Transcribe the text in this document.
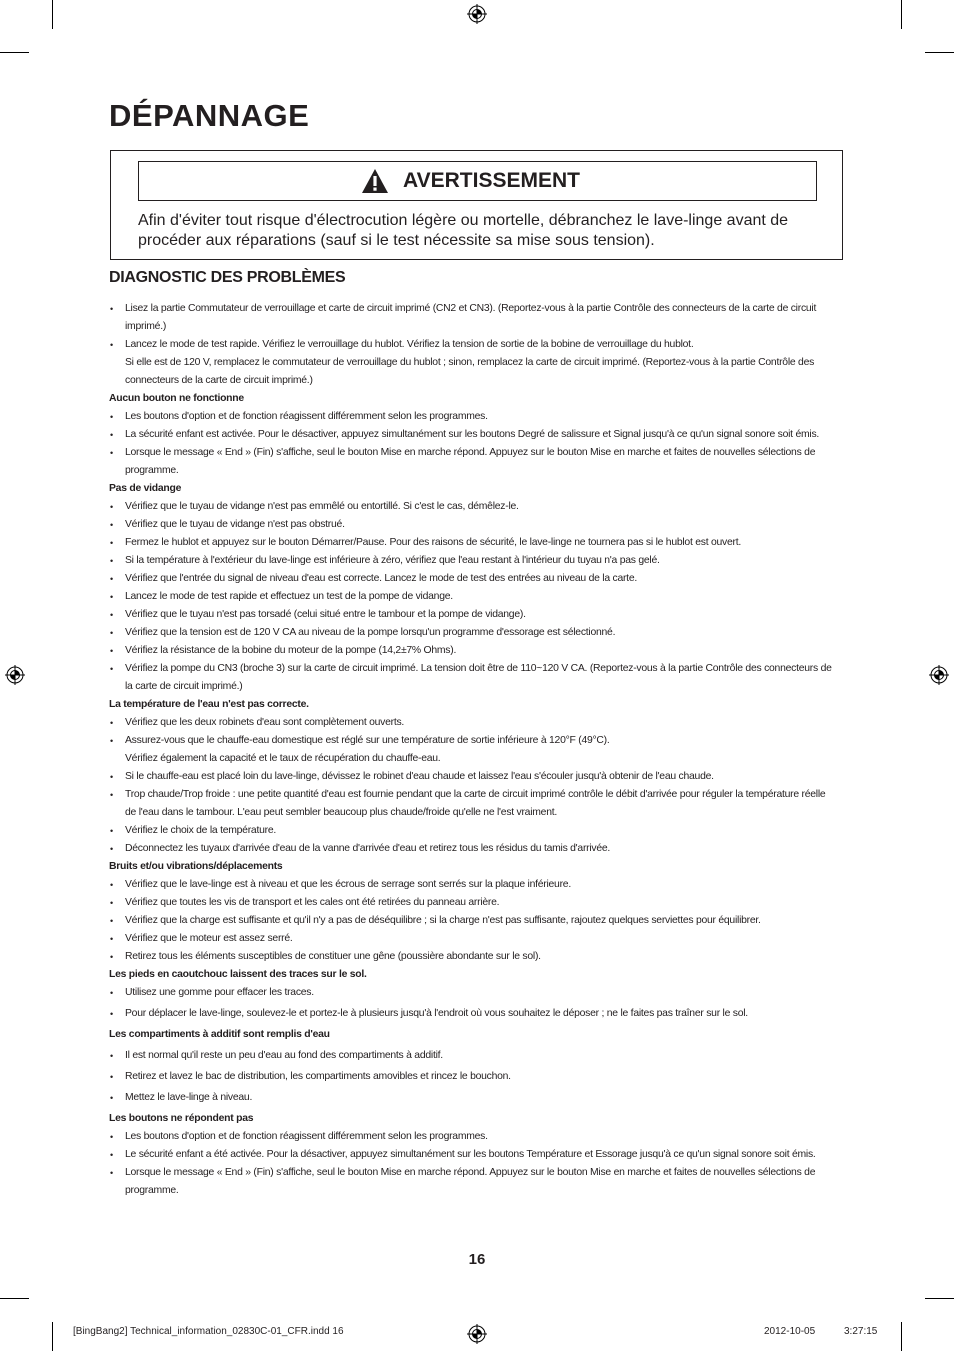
DÉPANNAGE
AVERTISSEMENT
Afin d'éviter tout risque d'électrocution légère ou mortelle, débranchez le lave-linge avant de procéder aux réparations (sauf si le test nécessite sa mise sous tension).
DIAGNOSTIC DES PROBLÈMES
• Lisez la partie Commutateur de verrouillage et carte de circuit imprimé (CN2 et CN3). (Reportez-vous à la partie Contrôle des connecteurs de la carte de circuit imprimé.)
• Lancez le mode de test rapide. Vérifiez le verrouillage du hublot. Vérifiez la tension de sortie de la bobine de verrouillage du hublot.
Si elle est de 120 V, remplacez le commutateur de verrouillage du hublot ; sinon, remplacez la carte de circuit imprimé. (Reportez-vous à la partie Contrôle des connecteurs de la carte de circuit imprimé.)

Aucun bouton ne fonctionne

• Les boutons d'option et de fonction réagissent différemment selon les programmes.
• La sécurité enfant est activée. Pour le désactiver, appuyez simultanément sur les boutons Degré de salissure et Signal jusqu'à ce qu'un signal sonore soit émis.
• Lorsque le message « End » (Fin) s'affiche, seul le bouton Mise en marche répond. Appuyez sur le bouton Mise en marche et faites de nouvelles sélections de programme.

Pas de vidange

• Vérifiez que le tuyau de vidange n'est pas emmêlé ou entortillé. Si c'est le cas, démêlez-le.
• Vérifiez que le tuyau de vidange n'est pas obstrué.
• Fermez le hublot et appuyez sur le bouton Démarrer/Pause. Pour des raisons de sécurité, le lave-linge ne tournera pas si le hublot est ouvert.
• Si la température à l'extérieur du lave-linge est inférieure à zéro, vérifiez que l'eau restant à l'intérieur du tuyau n'a pas gelé.
• Vérifiez que l'entrée du signal de niveau d'eau est correcte. Lancez le mode de test des entrées au niveau de la carte.
• Lancez le mode de test rapide et effectuez un test de la pompe de vidange.
• Vérifiez que le tuyau n'est pas torsadé (celui situé entre le tambour et la pompe de vidange).
• Vérifiez que la tension est de 120 V CA au niveau de la pompe lorsqu'un programme d'essorage est sélectionné.
• Vérifiez la résistance de la bobine du moteur de la pompe (14,2±7% Ohms).
• Vérifiez la pompe du CN3 (broche 3) sur la carte de circuit imprimé. La tension doit être de 110~120 V CA. (Reportez-vous à la partie Contrôle des connecteurs de la carte de circuit imprimé.)

La température de l'eau n'est pas correcte.

• Vérifiez que les deux robinets d'eau sont complètement ouverts.
• Assurez-vous que le chauffe-eau domestique est réglé sur une température de sortie inférieure à 120°F (49°C).
Vérifiez également la capacité et le taux de récupération du chauffe-eau.
• Si le chauffe-eau est placé loin du lave-linge, dévissez le robinet d'eau chaude et laissez l'eau s'écouler jusqu'à obtenir de l'eau chaude.
• Trop chaude/Trop froide : une petite quantité d'eau est fournie pendant que la carte de circuit imprimé contrôle le débit d'arrivée pour réguler la température réelle de l'eau dans le tambour. L'eau peut sembler beaucoup plus chaude/froide qu'elle ne l'est vraiment.
• Vérifiez le choix de la température.
• Déconnectez les tuyaux d'arrivée d'eau de la vanne d'arrivée d'eau et retirez tous les résidus du tamis d'arrivée.

Bruits et/ou vibrations/déplacements

• Vérifiez que le lave-linge est à niveau et que les écrous de serrage sont serrés sur la plaque inférieure.
• Vérifiez que toutes les vis de transport et les cales ont été retirées du panneau arrière.
• Vérifiez que la charge est suffisante et qu'il n'y a pas de déséquilibre ; si la charge n'est pas suffisante, rajoutez quelques serviettes pour équilibrer.
• Vérifiez que le moteur est assez serré.
• Retirez tous les éléments susceptibles de constituer une gêne (poussière abondante sur le sol).

Les pieds en caoutchouc laissent des traces sur le sol.

• Utilisez une gomme pour effacer les traces.
• Pour déplacer le lave-linge, soulevez-le et portez-le à plusieurs jusqu'à l'endroit où vous souhaitez le déposer ; ne le faites pas traîner sur le sol.

Les compartiments à additif sont remplis d'eau

• Il est normal qu'il reste un peu d'eau au fond des compartiments à additif.
• Retirez et lavez le bac de distribution, les compartiments amovibles et rincez le bouchon.
• Mettez le lave-linge à niveau.

Les boutons ne répondent pas

• Les boutons d'option et de fonction réagissent différemment selon les programmes.
• Le sécurité enfant a été activée. Pour la désactiver, appuyez simultanément sur les boutons Température et Essorage jusqu'à ce qu'un signal sonore soit émis.
• Lorsque le message « End » (Fin) s'affiche, seul le bouton Mise en marche répond. Appuyez sur le bouton Mise en marche et faites de nouvelles sélections de programme.
16
[BingBang2] Technical_information_02830C-01_CFR.indd 16	2012-10-05	3:27:15
